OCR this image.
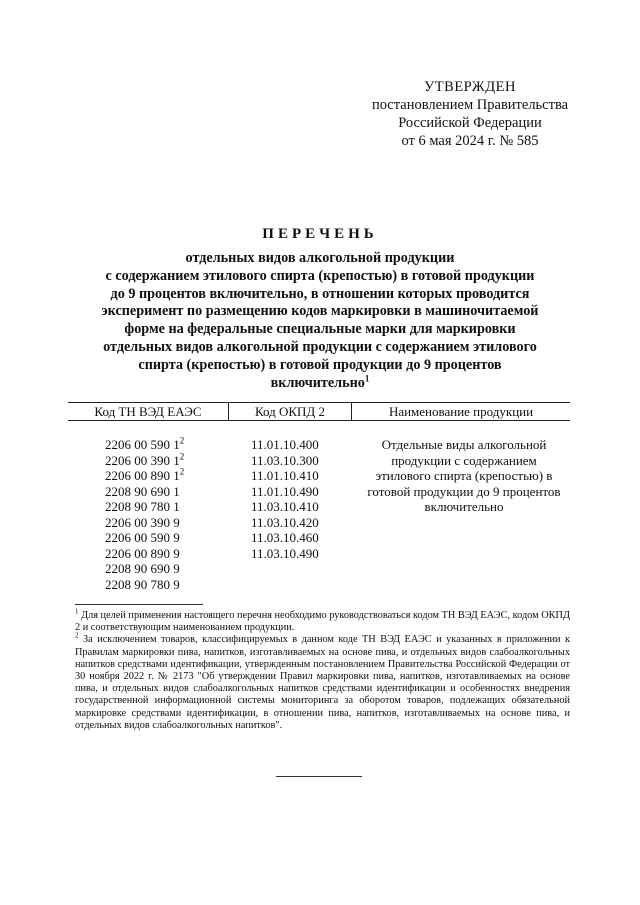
УТВЕРЖДЕН
постановлением Правительства
Российской Федерации
от 6 мая 2024 г. № 585
ПЕРЕЧЕНЬ
отдельных видов алкогольной продукции
с содержанием этилового спирта (крепостью) в готовой продукции
до 9 процентов включительно, в отношении которых проводится
эксперимент по размещению кодов маркировки в машиночитаемой
форме на федеральные специальные марки для маркировки
отдельных видов алкогольной продукции с содержанием этилового
спирта (крепостью) в готовой продукции до 9 процентов
включительно$^1$
Код ТН ВЭД ЕАЭС	Код ОКПД 2	Наименование продукции
2206 00 590 $1^2$
2206 00 390 $1^2$
2206 00 890 $1^2$
2208 90 690 1
2208 90 780 1
2206 00 390 9
2206 00 590 9
2206 00 890 9
2208 90 690 9
2208 90 780 9
11.01.10.400
11.03.10.300
11.01.10.410
11.01.10.490
11.03.10.410
11.03.10.420
11.03.10.460
11.03.10.490
Отдельные виды алкогольной продукции с содержанием этилового спирта (крепостью) в готовой продукции до 9 процентов включительно

$^1$ Для целей применения настоящего перечня необходимо руководствоваться кодом ТН ВЭД ЕАЭС, кодом ОКПД 2 и соответствующим наименованием продукции.

$^2$ За исключением товаров, классифицируемых в данном коде ТН ВЭД ЕАЭС и указанных в приложении к Правилам маркировки пива, напитков, изготавливаемых на основе пива, и отдельных видов слабоалкогольных напитков средствами идентификации, утвержденным постановлением Правительства Российской Федерации от 30 ноября 2022 г. № 2173 "Об утверждении Правил маркировки пива, напитков, изготавливаемых на основе пива, и отдельных видов слабоалкогольных напитков средствами идентификации и особенностях внедрения государственной информационной системы мониторинга за оборотом товаров, подлежащих обязательной маркировке средствами идентификации, в отношении пива, напитков, изготавливаемых на основе пива, и отдельных видов слабоалкогольных напитков".
